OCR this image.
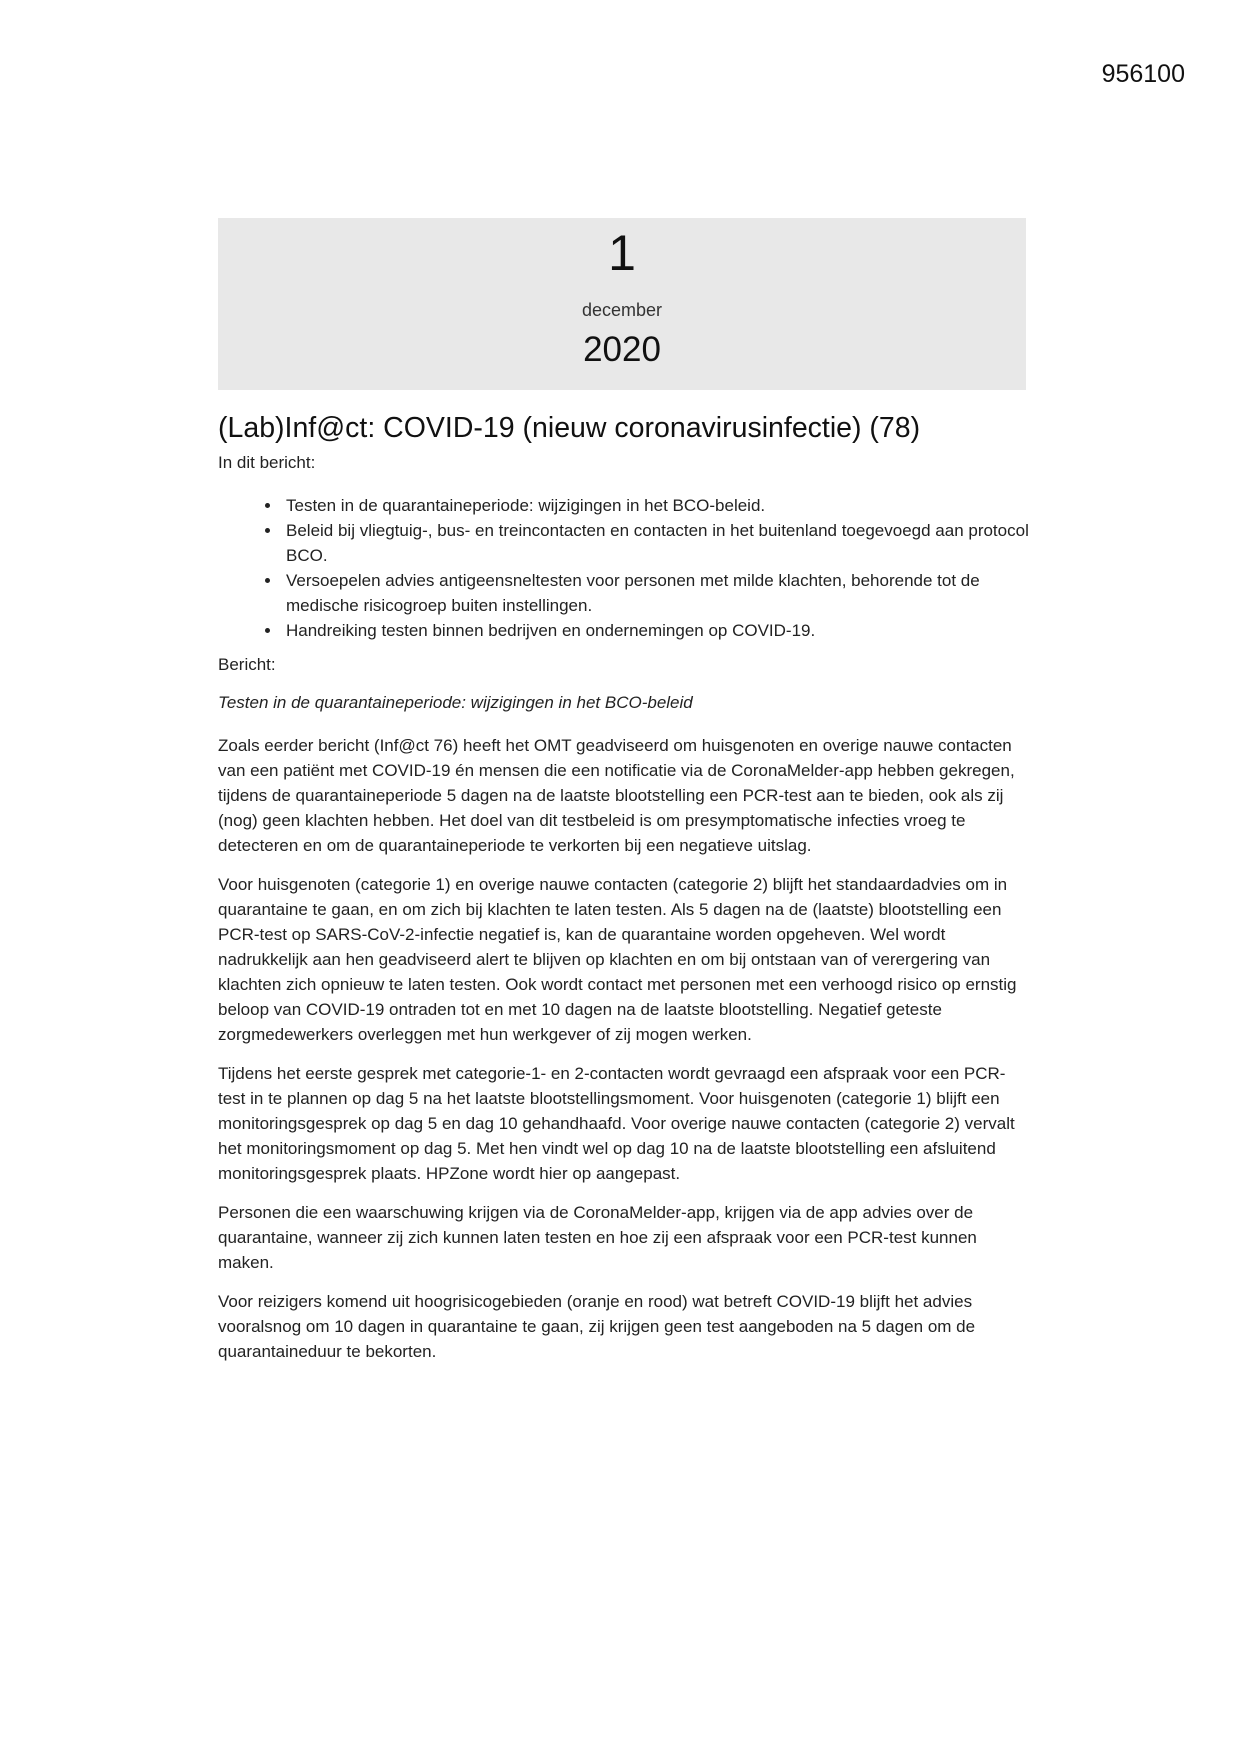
956100
1
december
2020
(Lab)Inf@ct: COVID-19 (nieuw coronavirusinfectie) (78)
In dit bericht:
• Testen in de quarantaineperiode: wijzigingen in het BCO-beleid.
• Beleid bij vliegtuig-, bus- en treincontacten en contacten in het buitenland toegevoegd aan protocol BCO.
• Versoepelen advies antigeensneltesten voor personen met milde klachten, behorende tot de medische risicogroep buiten instellingen.
• Handreiking testen binnen bedrijven en ondernemingen op COVID-19.
Bericht:
Testen in de quarantaineperiode: wijzigingen in het BCO-beleid

Zoals eerder bericht (Inf@ct 76) heeft het OMT geadviseerd om huisgenoten en overige nauwe contacten van een patiënt met COVID-19 én mensen die een notificatie via de CoronaMelder-app hebben gekregen, tijdens de quarantaineperiode 5 dagen na de laatste blootstelling een PCR-test aan te bieden, ook als zij (nog) geen klachten hebben. Het doel van dit testbeleid is om presymptomatische infecties vroeg te detecteren en om de quarantaineperiode te verkorten bij een negatieve uitslag.

Voor huisgenoten (categorie 1) en overige nauwe contacten (categorie 2) blijft het standaardadvies om in quarantaine te gaan, en om zich bij klachten te laten testen. Als 5 dagen na de (laatste) blootstelling een PCR-test op SARS-CoV-2-infectie negatief is, kan de quarantaine worden opgeheven. Wel wordt nadrukkelijk aan hen geadviseerd alert te blijven op klachten en om bij ontstaan van of verergering van klachten zich opnieuw te laten testen. Ook wordt contact met personen met een verhoogd risico op ernstig beloop van COVID-19 ontraden tot en met 10 dagen na de laatste blootstelling. Negatief geteste zorgmedewerkers overleggen met hun werkgever of zij mogen werken.

Tijdens het eerste gesprek met categorie-1- en 2-contacten wordt gevraagd een afspraak voor een PCR-test in te plannen op dag 5 na het laatste blootstellingsmoment. Voor huisgenoten (categorie 1) blijft een monitoringsgesprek op dag 5 en dag 10 gehandhaafd. Voor overige nauwe contacten (categorie 2) vervalt het monitoringsmoment op dag 5. Met hen vindt wel op dag 10 na de laatste blootstelling een afsluitend monitoringsgesprek plaats. HPZone wordt hier op aangepast.

Personen die een waarschuwing krijgen via de CoronaMelder-app, krijgen via de app advies over de quarantaine, wanneer zij zich kunnen laten testen en hoe zij een afspraak voor een PCR-test kunnen maken.

Voor reizigers komend uit hoogrisicogebieden (oranje en rood) wat betreft COVID-19 blijft het advies vooralsnog om 10 dagen in quarantaine te gaan, zij krijgen geen test aangeboden na 5 dagen om de quarantaineduur te bekorten.
